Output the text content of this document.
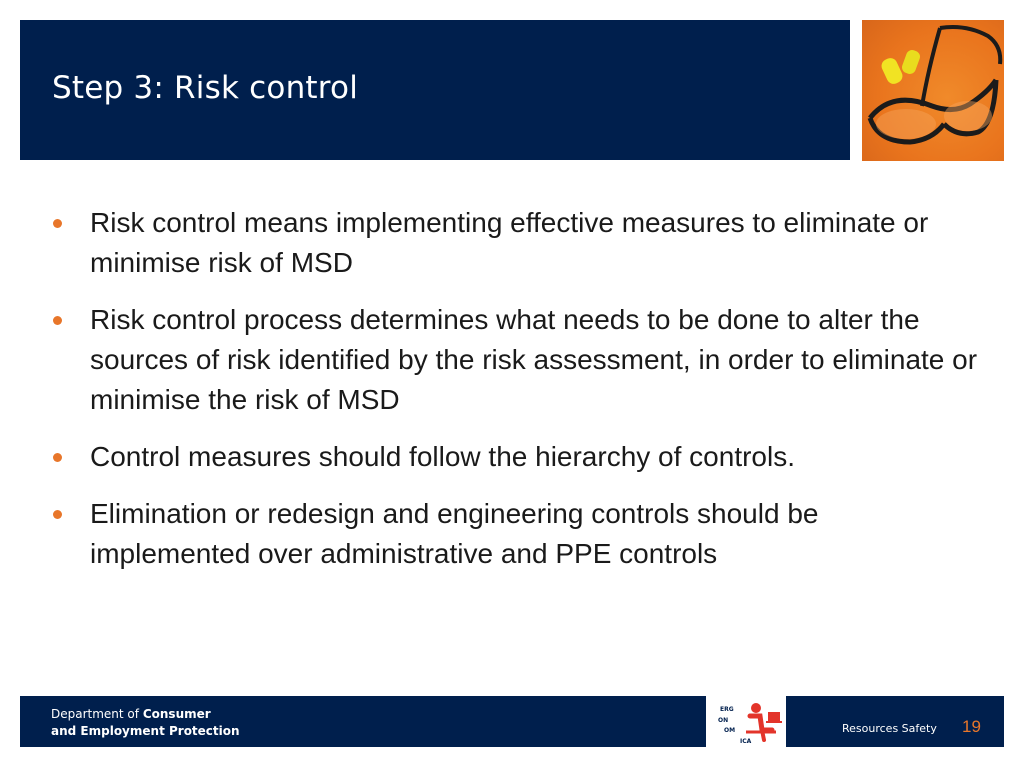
Step 3: Risk control
Risk control means implementing effective measures to eliminate or minimise risk of MSD
Risk control process determines what needs to be done to alter the sources of risk identified by the risk assessment, in order to eliminate or minimise the risk of MSD
Control measures should follow the hierarchy of controls.
Elimination or redesign and engineering controls should be implemented over administrative and PPE controls
Department of Consumer
and Employment Protection
ERG
ON
OM
ICA
Resources Safety 19
